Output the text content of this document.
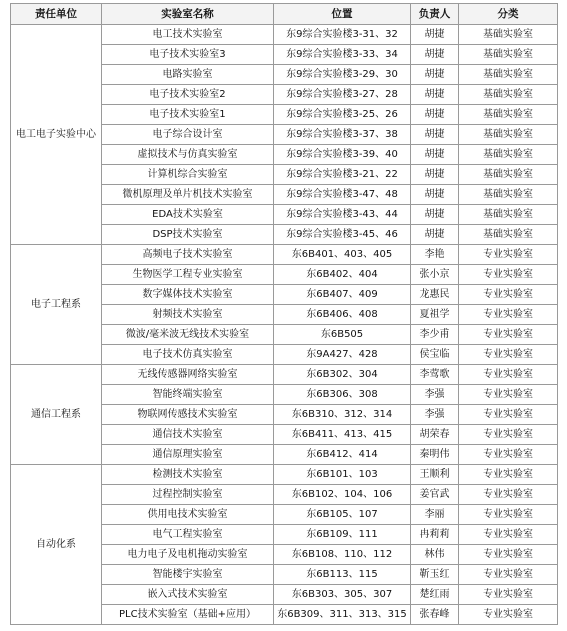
责任单位	实验室名称	位置	负责人	分类
电工电子实验中心	电工技术实验室	东9综合实验楼3-31、32	胡捷	基础实验室
	电子技术实验室3	东9综合实验楼3-33、34	胡捷	基础实验室
	电路实验室	东9综合实验楼3-29、30	胡捷	基础实验室
	电子技术实验室2	东9综合实验楼3-27、28	胡捷	基础实验室
	电子技术实验室1	东9综合实验楼3-25、26	胡捷	基础实验室
	电子综合设计室	东9综合实验楼3-37、38	胡捷	基础实验室
	虚拟技术与仿真实验室	东9综合实验楼3-39、40	胡捷	基础实验室
	计算机综合实验室	东9综合实验楼3-21、22	胡捷	基础实验室
	微机原理及单片机技术实验室	东9综合实验楼3-47、48	胡捷	基础实验室
	EDA技术实验室	东9综合实验楼3-43、44	胡捷	基础实验室
	DSP技术实验室	东9综合实验楼3-45、46	胡捷	基础实验室
电子工程系	高频电子技术实验室	东6B401、403、405	李艳	专业实验室
	生物医学工程专业实验室	东6B402、404	张小京	专业实验室
	数字媒体技术实验室	东6B407、409	龙惠民	专业实验室
	射频技术实验室	东6B406、408	夏祖学	专业实验室
	微波/毫米波无线技术实验室	东6B505	李少甫	专业实验室
	电子技术仿真实验室	东9A427、428	侯宝临	专业实验室
通信工程系	无线传感器网络实验室	东6B302、304	李莺歌	专业实验室
	智能终端实验室	东6B306、308	李强	专业实验室
	物联网传感技术实验室	东6B310、312、314	李强	专业实验室
	通信技术实验室	东6B411、413、415	胡荣春	专业实验室
	通信原理实验室	东6B412、414	秦明伟	专业实验室
自动化系	检测技术实验室	东6B101、103	王顺利	专业实验室
	过程控制实验室	东6B102、104、106	姜官武	专业实验室
	供用电技术实验室	东6B105、107	李丽	专业实验室
	电气工程实验室	东6B109、111	冉莉莉	专业实验室
	电力电子及电机拖动实验室	东6B108、110、112	林伟	专业实验室
	智能楼宇实验室	东6B113、115	靳玉红	专业实验室
	嵌入式技术实验室	东6B303、305、307	楚红雨	专业实验室
	PLC技术实验室（基础+应用）	东6B309、311、313、315	张春峰	专业实验室
